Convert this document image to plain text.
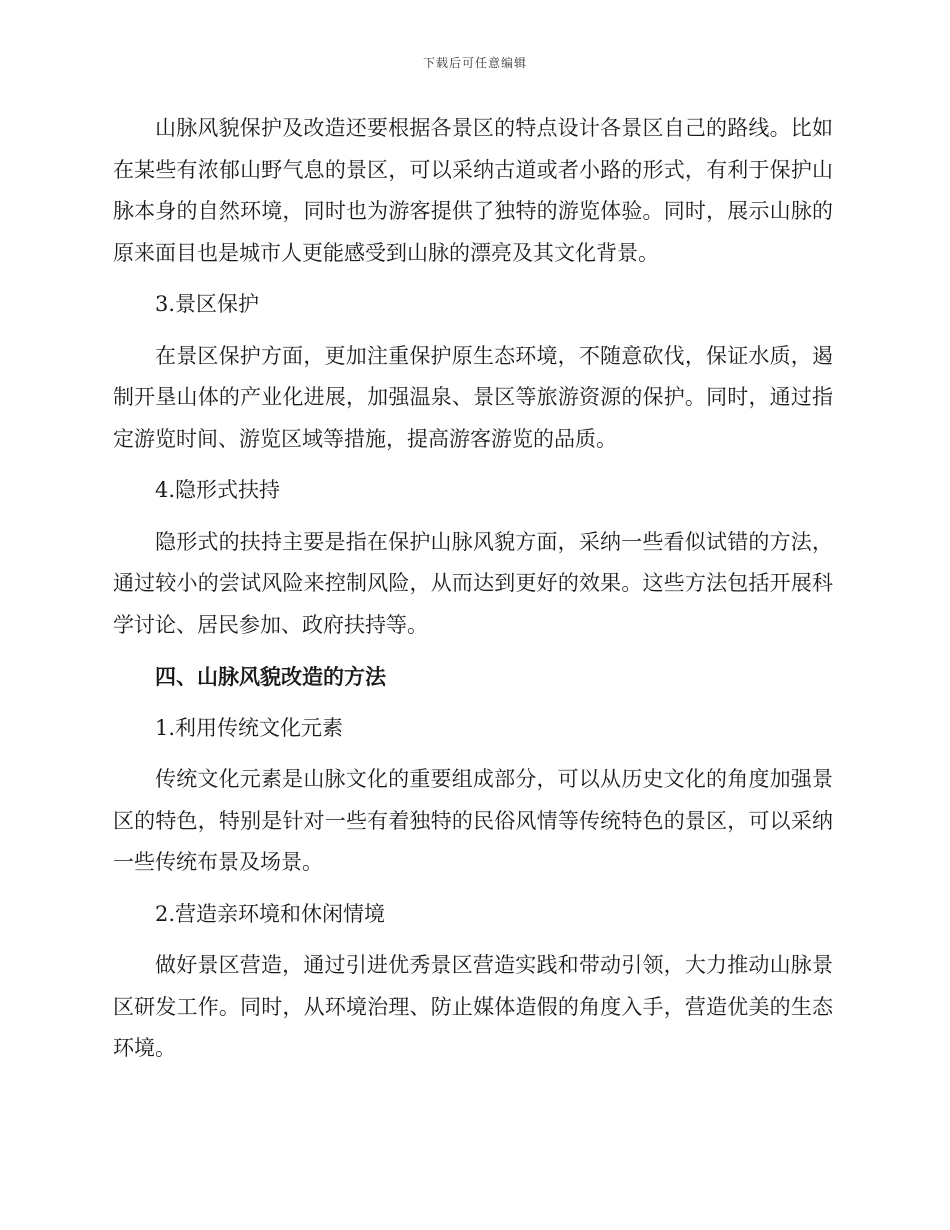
下载后可任意编辑

山脉风貌保护及改造还要根据各景区的特点设计各景区自己的路线。比如在某些有浓郁山野气息的景区，可以采纳古道或者小路的形式，有利于保护山脉本身的自然环境，同时也为游客提供了独特的游览体验。同时，展示山脉的原来面目也是城市人更能感受到山脉的漂亮及其文化背景。

3.景区保护

在景区保护方面，更加注重保护原生态环境，不随意砍伐，保证水质，遏制开垦山体的产业化进展，加强温泉、景区等旅游资源的保护。同时，通过指定游览时间、游览区域等措施，提高游客游览的品质。

4.隐形式扶持

隐形式的扶持主要是指在保护山脉风貌方面，采纳一些看似试错的方法，通过较小的尝试风险来控制风险，从而达到更好的效果。这些方法包括开展科学讨论、居民参加、政府扶持等。

四、山脉风貌改造的方法

1.利用传统文化元素

传统文化元素是山脉文化的重要组成部分，可以从历史文化的角度加强景区的特色，特别是针对一些有着独特的民俗风情等传统特色的景区，可以采纳一些传统布景及场景。

2.营造亲环境和休闲情境

做好景区营造，通过引进优秀景区营造实践和带动引领，大力推动山脉景区研发工作。同时，从环境治理、防止媒体造假的角度入手，营造优美的生态环境。
